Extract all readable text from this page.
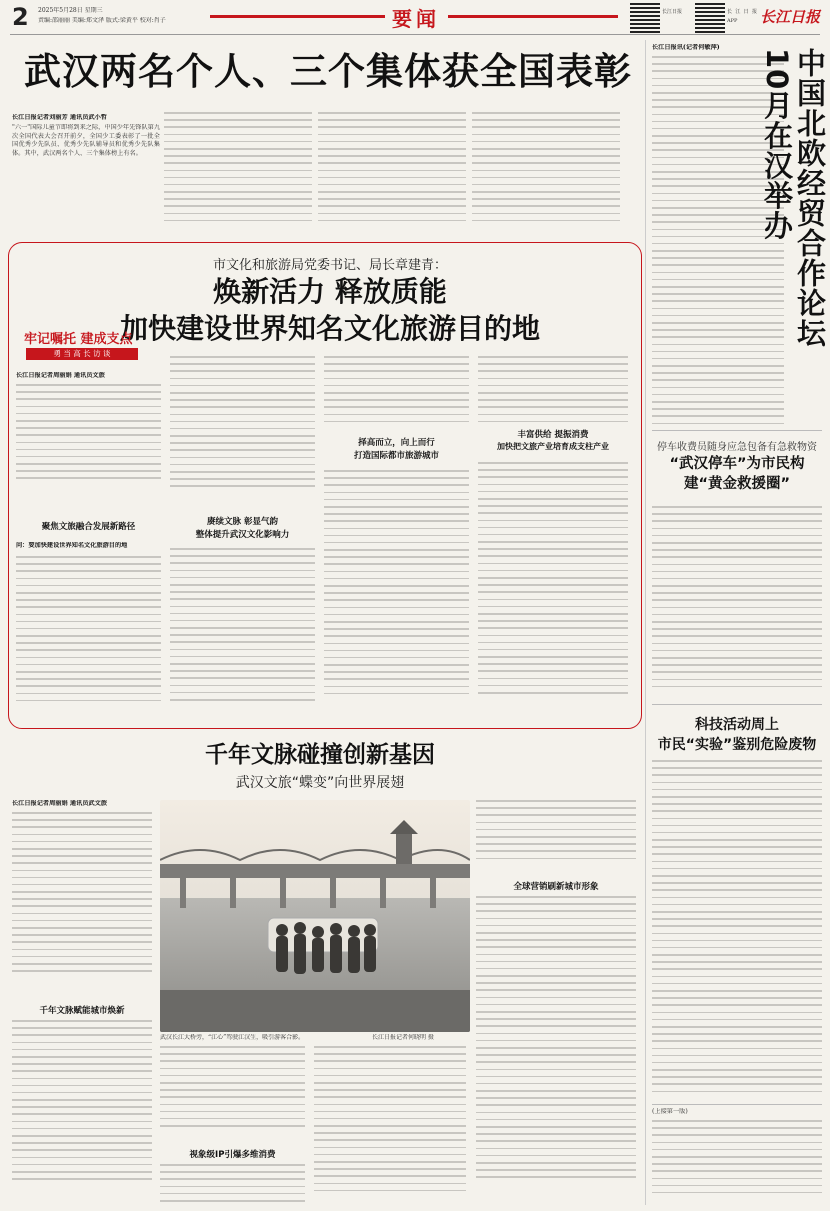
2 2025年5月28日 星期三
责编:邵丽丽 美编:郑文泽 版式:梁黄平 校对:肖子	要闻	长江日报	长江日报 APP	长江日报
武汉两名个人、三个集体获全国表彰
长江日报记者刘丽芳 通讯员武小哲
"六一"国际儿童节即将到来之际，中国少年先锋队第九次全国代表大会召开前夕，全国少工委表彰了一批全国优秀少先队员、优秀少先队辅导员和优秀少先队集体。其中，武汉两名个人、三个集体榜上有名。
长江日报讯(记者何敏萍)
中国北欧经贸合作论坛10月在汉举办
停车收费员随身应急包备有急救物资
“武汉停车”为市民构建“黄金救援圈”
科技活动周上
市民“实验”鉴别危险废物
(上接第一版)
市文化和旅游局党委书记、局长章建青：
焕新活力 释放质能
加快建设世界知名文化旅游目的地
牢记嘱托 建成支点
勇 当 高 长 访 谈
长江日报记者周丽娟 通讯员文旅
聚焦文旅融合发展新路径
问：要加快建设世界知名文化旅游目的地
赓续文脉 彰显气韵
整体提升武汉文化影响力
择高而立，向上而行
打造国际都市旅游城市
丰富供给 提振消费
加快把文旅产业培育成支柱产业
千年文脉碰撞创新基因
武汉文旅“蝶变”向世界展翅
长江日报记者周丽娟 通讯员武文旅
千年文脉赋能城市焕新
武汉长江大桥旁，“江心”驾驶江汉生，吸引游客合影。	长江日报记者何晓明 摄
视象级IP引爆多维消费
全球营销刷新城市形象
